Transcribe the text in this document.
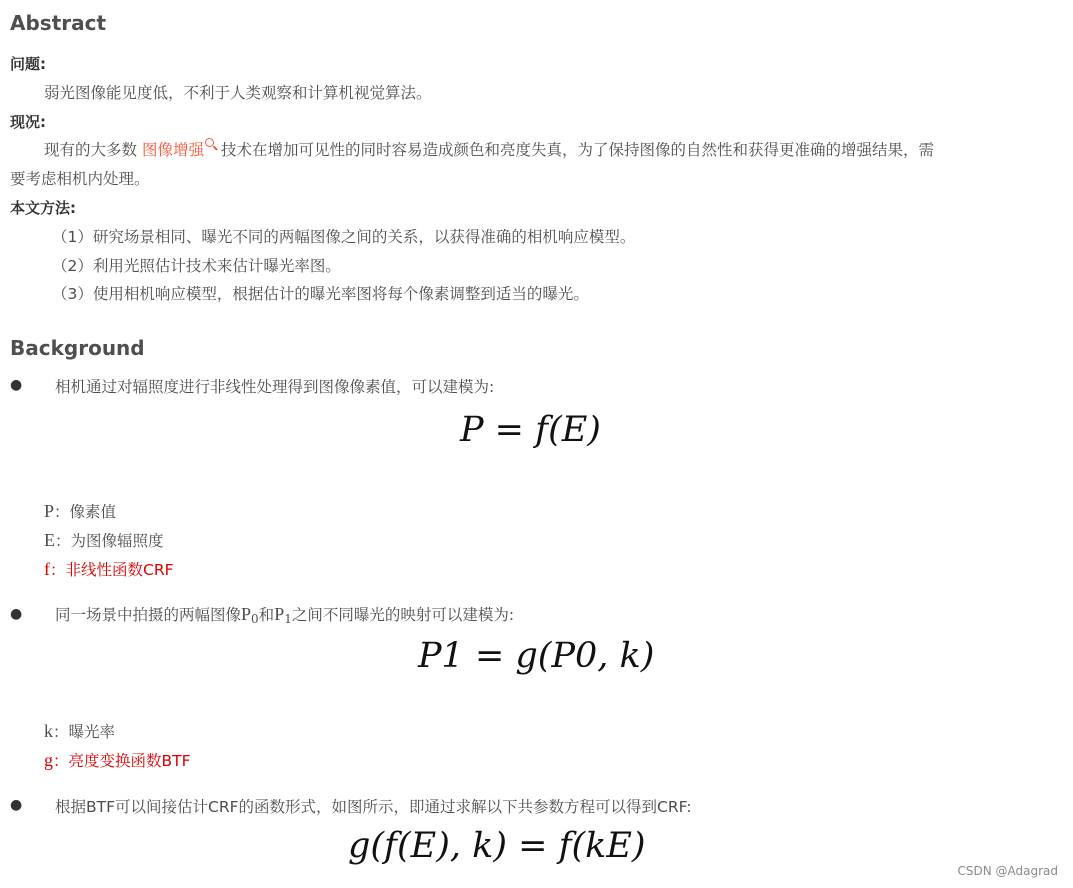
Abstract
问题:
弱光图像能见度低，不利于人类观察和计算机视觉算法。
现况:
现有的大多数 图像增强 技术在增加可见性的同时容易造成颜色和亮度失真，为了保持图像的自然性和获得更准确的增强结果，需
要考虑相机内处理。
本文方法:
（1）研究场景相同、曝光不同的两幅图像之间的关系，以获得准确的相机响应模型。
（2）利用光照估计技术来估计曝光率图。
（3）使用相机响应模型，根据估计的曝光率图将每个像素调整到适当的曝光。
Background
● 相机通过对辐照度进行非线性处理得到图像像素值，可以建模为:
P = f(E)
P：像素值
E：为图像辐照度
f：非线性函数CRF
● 同一场景中拍摄的两幅图像P0和P1之间不同曝光的映射可以建模为:
P1 = g(P0, k)
k：曝光率
g：亮度变换函数BTF
● 根据BTF可以间接估计CRF的函数形式，如图所示，即通过求解以下共参数方程可以得到CRF:
g(f(E), k) = f(kE)
CSDN @Adagrad
